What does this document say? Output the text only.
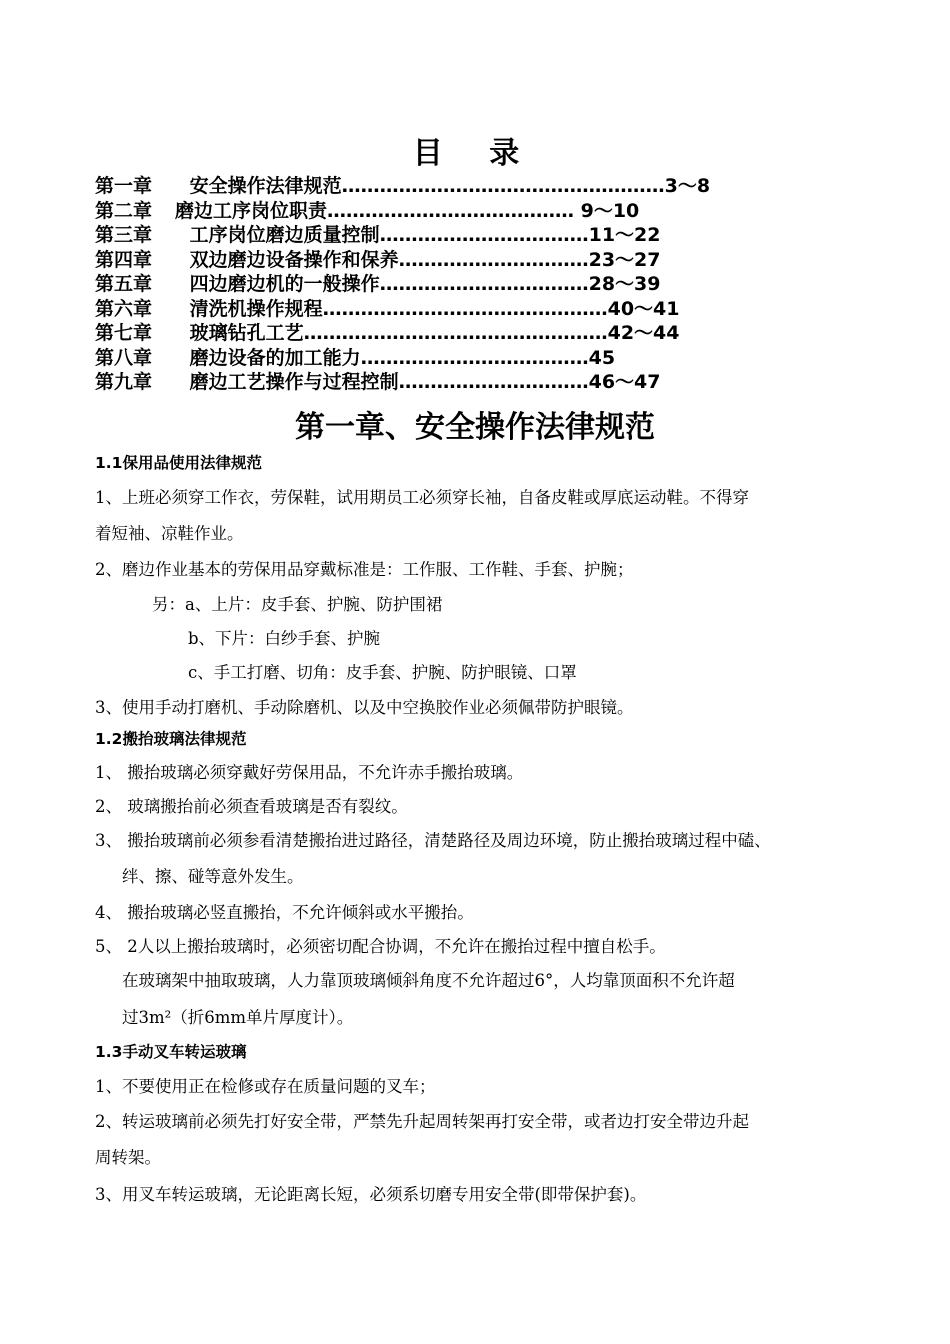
目 录
第一章 安全操作法律规范……………………………………………3～8
第二章 磨边工序岗位职责………………………………… 9～10
第三章 工序岗位磨边质量控制……………………………11～22
第四章 双边磨边设备操作和保养…………………………23～27
第五章 四边磨边机的一般操作……………………………28～39
第六章 清洗机操作规程………………………………………40～41
第七章 玻璃钻孔工艺…………………………………………42～44
第八章 磨边设备的加工能力………………………………45
第九章 磨边工艺操作与过程控制…………………………46～47
第一章、安全操作法律规范
1.1保用品使用法律规范
1、上班必须穿工作衣，劳保鞋，试用期员工必须穿长袖，自备皮鞋或厚底运动鞋。不得穿
着短袖、凉鞋作业。
2、磨边作业基本的劳保用品穿戴标准是：工作服、工作鞋、手套、护腕；
另：a、上片：皮手套、护腕、防护围裙
b、下片：白纱手套、护腕
c、手工打磨、切角：皮手套、护腕、防护眼镜、口罩
3、使用手动打磨机、手动除磨机、以及中空换胶作业必须佩带防护眼镜。
1.2搬抬玻璃法律规范
1、 搬抬玻璃必须穿戴好劳保用品，不允许赤手搬抬玻璃。
2、 玻璃搬抬前必须查看玻璃是否有裂纹。
3、 搬抬玻璃前必须参看清楚搬抬进过路径，清楚路径及周边环境，防止搬抬玻璃过程中磕、
绊、擦、碰等意外发生。
4、 搬抬玻璃必竖直搬抬，不允许倾斜或水平搬抬。
5、 2人以上搬抬玻璃时，必须密切配合协调，不允许在搬抬过程中擅自松手。
在玻璃架中抽取玻璃，人力靠顶玻璃倾斜角度不允许超过6°，人均靠顶面积不允许超
过3m²（折6mm单片厚度计）。
1.3手动叉车转运玻璃
1、不要使用正在检修或存在质量问题的叉车；
2、转运玻璃前必须先打好安全带，严禁先升起周转架再打安全带，或者边打安全带边升起
周转架。
3、用叉车转运玻璃，无论距离长短，必须系切磨专用安全带(即带保护套)。
